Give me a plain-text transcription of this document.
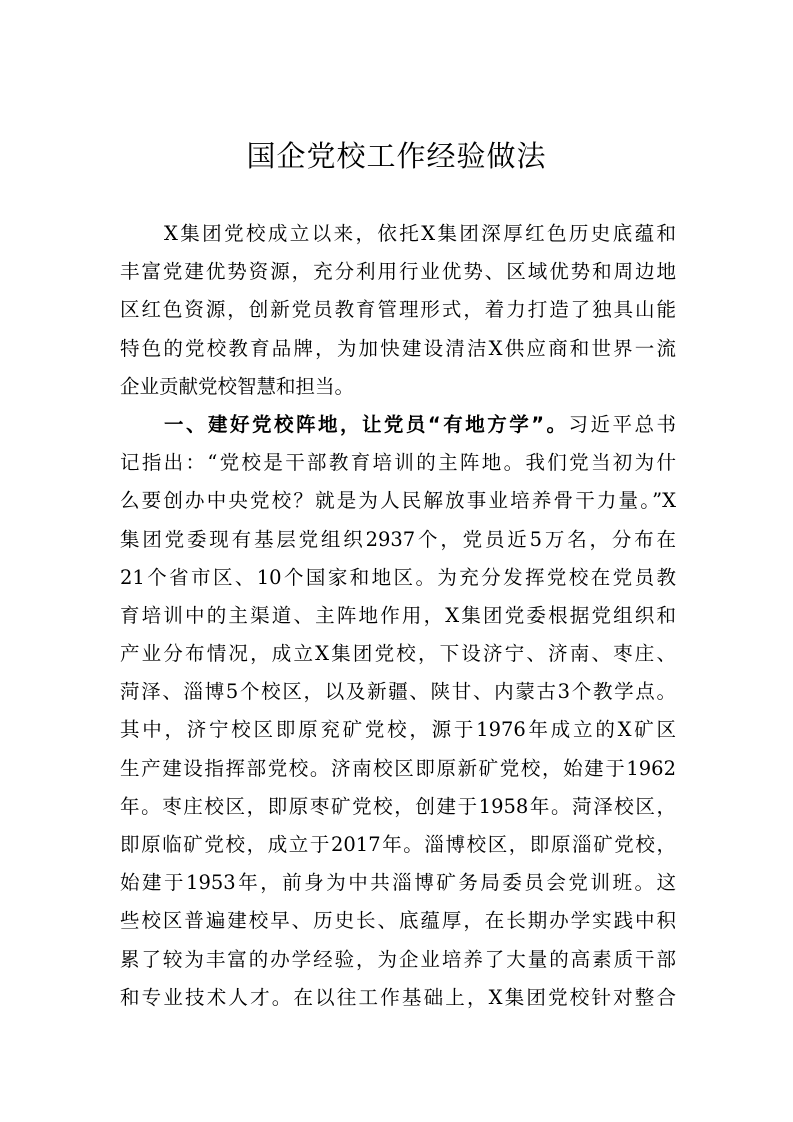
国企党校工作经验做法
X集团党校成立以来，依托X集团深厚红色历史底蕴和
丰富党建优势资源，充分利用行业优势、区域优势和周边地
区红色资源，创新党员教育管理形式，着力打造了独具山能
特色的党校教育品牌，为加快建设清洁X供应商和世界一流
企业贡献党校智慧和担当。
一、建好党校阵地，让党员“有地方学”。习近平总书
记指出：“党校是干部教育培训的主阵地。我们党当初为什
么要创办中央党校？就是为人民解放事业培养骨干力量。”X
集团党委现有基层党组织2937个，党员近5万名，分布在
21个省市区、10个国家和地区。为充分发挥党校在党员教
育培训中的主渠道、主阵地作用，X集团党委根据党组织和
产业分布情况，成立X集团党校，下设济宁、济南、枣庄、
菏泽、淄博5个校区，以及新疆、陕甘、内蒙古3个教学点。
其中，济宁校区即原兖矿党校，源于1976年成立的X矿区
生产建设指挥部党校。济南校区即原新矿党校，始建于1962
年。枣庄校区，即原枣矿党校，创建于1958年。菏泽校区，
即原临矿党校，成立于2017年。淄博校区，即原淄矿党校，
始建于1953年，前身为中共淄博矿务局委员会党训班。这
些校区普遍建校早、历史长、底蕴厚，在长期办学实践中积
累了较为丰富的办学经验，为企业培养了大量的高素质干部
和专业技术人才。在以往工作基础上，X集团党校针对整合
